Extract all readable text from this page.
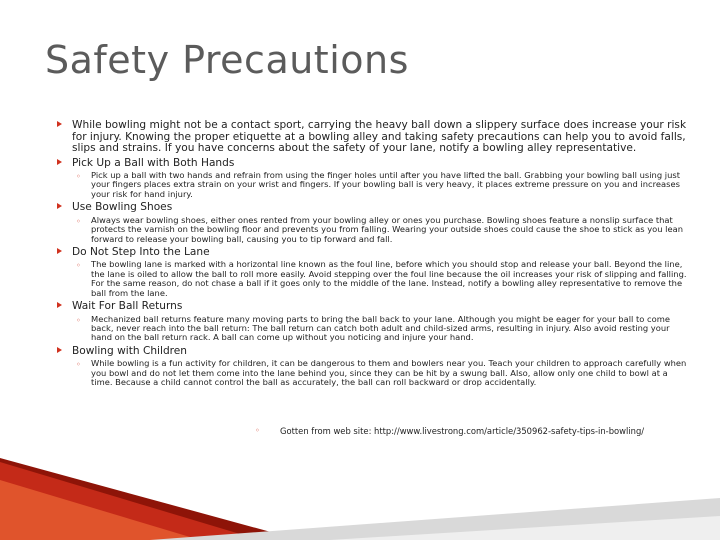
Safety Precautions
While bowling might not be a contact sport, carrying the heavy ball down a slippery surface does increase your risk for injury. Knowing the proper etiquette at a bowling alley and taking safety precautions can help you to avoid falls, slips and strains. If you have concerns about the safety of your lane, notify a bowling alley representative.
Pick Up a Ball with Both Hands
◦ Pick up a ball with two hands and refrain from using the finger holes until after you have lifted the ball. Grabbing your bowling ball using just your fingers places extra strain on your wrist and fingers. If your bowling ball is very heavy, it places extreme pressure on you and increases your risk for hand injury.
Use Bowling Shoes
◦ Always wear bowling shoes, either ones rented from your bowling alley or ones you purchase. Bowling shoes feature a nonslip surface that protects the varnish on the bowling floor and prevents you from falling. Wearing your outside shoes could cause the shoe to stick as you lean forward to release your bowling ball, causing you to tip forward and fall.
Do Not Step Into the Lane
◦ The bowling lane is marked with a horizontal line known as the foul line, before which you should stop and release your ball. Beyond the line, the lane is oiled to allow the ball to roll more easily. Avoid stepping over the foul line because the oil increases your risk of slipping and falling. For the same reason, do not chase a ball if it goes only to the middle of the lane. Instead, notify a bowling alley representative to remove the ball from the lane.
Wait For Ball Returns
◦ Mechanized ball returns feature many moving parts to bring the ball back to your lane. Although you might be eager for your ball to come back, never reach into the ball return: The ball return can catch both adult and child-sized arms, resulting in injury. Also avoid resting your hand on the ball return rack. A ball can come up without you noticing and injure your hand.
Bowling with Children
◦ While bowling is a fun activity for children, it can be dangerous to them and bowlers near you. Teach your children to approach carefully when you bowl and do not let them come into the lane behind you, since they can be hit by a swung ball. Also, allow only one child to bowl at a time. Because a child cannot control the ball as accurately, the ball can roll backward or drop accidentally.
◦ Gotten from web site: http://www.livestrong.com/article/350962-safety-tips-in-bowling/
